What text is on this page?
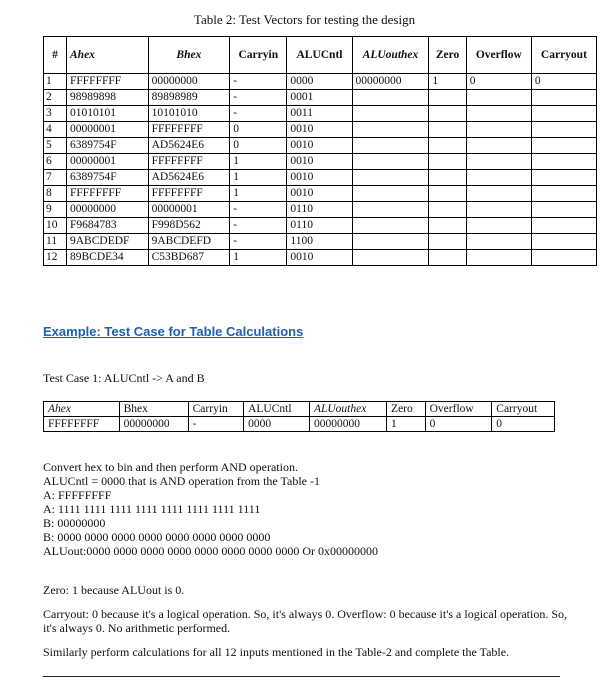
Table 2: Test Vectors for testing the design
#	Ahex	Bhex	Carryin	ALUCntl	ALUouthex	Zero	Overflow	Carryout
1	FFFFFFFF	00000000	-	0000	00000000	1	0	0
2	98989898	89898989	-	0001				
3	01010101	10101010	-	0011				
4	00000001	FFFFFFFF	0	0010				
5	6389754F	AD5624E6	0	0010				
6	00000001	FFFFFFFF	1	0010				
7	6389754F	AD5624E6	1	0010				
8	FFFFFFFF	FFFFFFFF	1	0010				
9	00000000	00000001	-	0110				
10	F9684783	F998D562	-	0110				
11	9ABCDEDF	9ABCDEFD	-	1100				
12	89BCDE34	C53BD687	1	0010				
Example: Test Case for Table Calculations
Test Case 1: ALUCntl -> A and B
Ahex	Bhex	Carryin	ALUCntl	ALUouthex	Zero	Overflow	Carryout
FFFFFFFF	00000000	-	0000	00000000	1	0	0
Convert hex to bin and then perform AND operation.
ALUCntl = 0000 that is AND operation from the Table -1
A: FFFFFFFF
A: 1111 1111 1111 1111 1111 1111 1111 1111
B: 00000000
B: 0000 0000 0000 0000 0000 0000 0000 0000
ALUout:0000 0000 0000 0000 0000 0000 0000 0000 Or 0x00000000

Zero: 1 because ALUout is 0.

Carryout: 0 because it's a logical operation. So, it's always 0. Overflow: 0 because it's a logical operation. So, it's always 0. No arithmetic performed.

Similarly perform calculations for all 12 inputs mentioned in the Table-2 and complete the Table.
